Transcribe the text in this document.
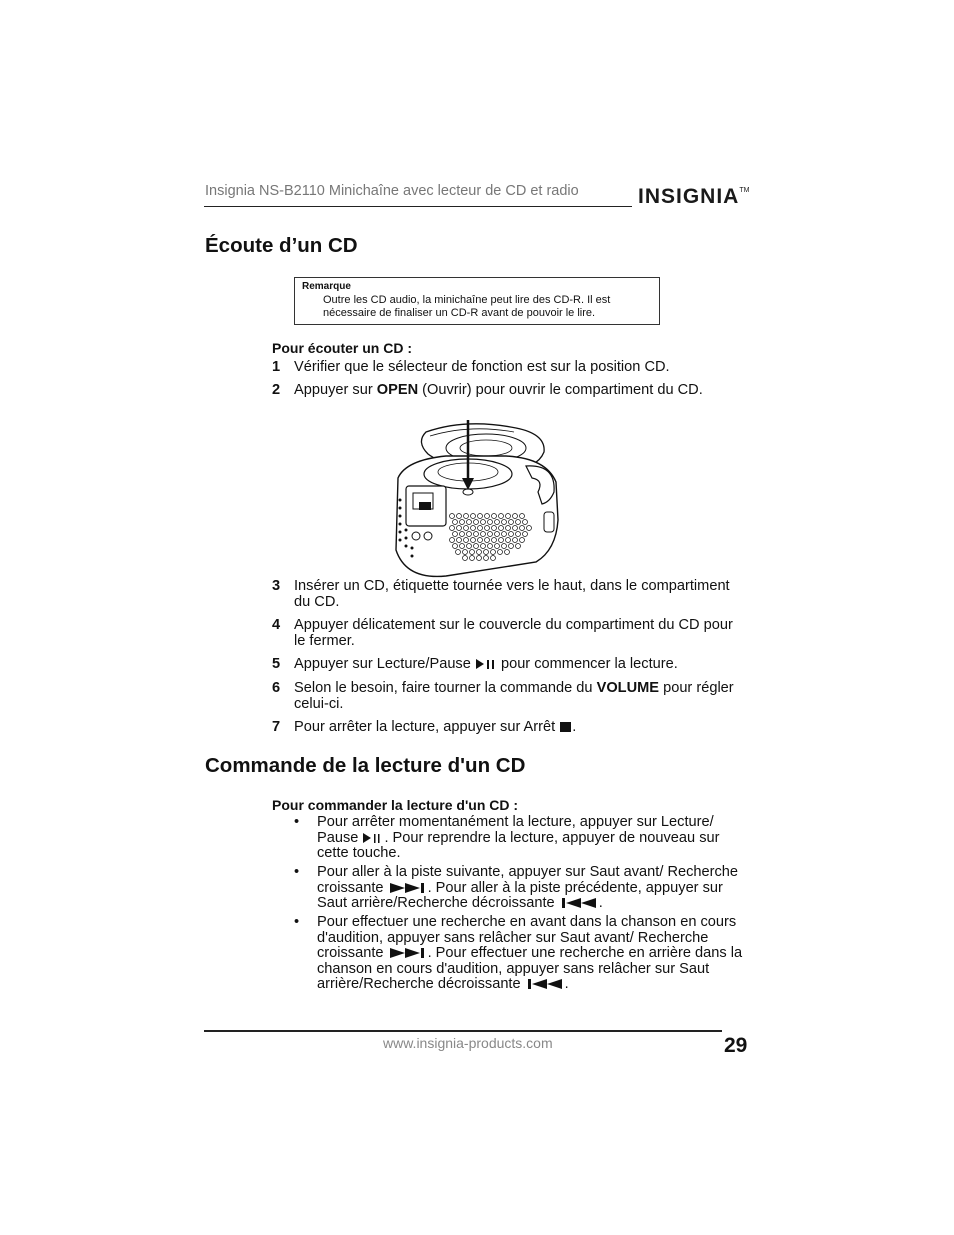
Insignia NS-B2110 Minichaîne avec lecteur de CD et radio	INSIGNIA™
Écoute d’un CD
Remarque
Outre les CD audio, la minichaîne peut lire des CD-R. Il est nécessaire de finaliser un CD-R avant de pouvoir le lire.
Pour écouter un CD :
1 Vérifier que le sélecteur de fonction est sur la position CD.
2 Appuyer sur OPEN (Ouvrir) pour ouvrir le compartiment du CD.
3 Insérer un CD, étiquette tournée vers le haut, dans le compartiment du CD.
4 Appuyer délicatement sur le couvercle du compartiment du CD pour le fermer.
5 Appuyer sur Lecture/Pause  pour commencer la lecture.
6 Selon le besoin, faire tourner la commande du VOLUME pour régler celui-ci.
7 Pour arrêter la lecture, appuyer sur Arrêt .
Commande de la lecture d'un CD
Pour commander la lecture d'un CD :
• Pour arrêter momentanément la lecture, appuyer sur Lecture/ Pause . Pour reprendre la lecture, appuyer de nouveau sur cette touche.
• Pour aller à la piste suivante, appuyer sur Saut avant/ Recherche croissante	. Pour aller à la piste précédente, appuyer sur Saut arrière/Recherche décroissante	.
• Pour effectuer une recherche en avant dans la chanson en cours d'audition, appuyer sans relâcher sur Saut avant/ Recherche croissante	. Pour effectuer une recherche en arrière dans la chanson en cours d'audition, appuyer sans relâcher sur Saut arrière/Recherche décroissante	.
www.insignia-products.com	29
